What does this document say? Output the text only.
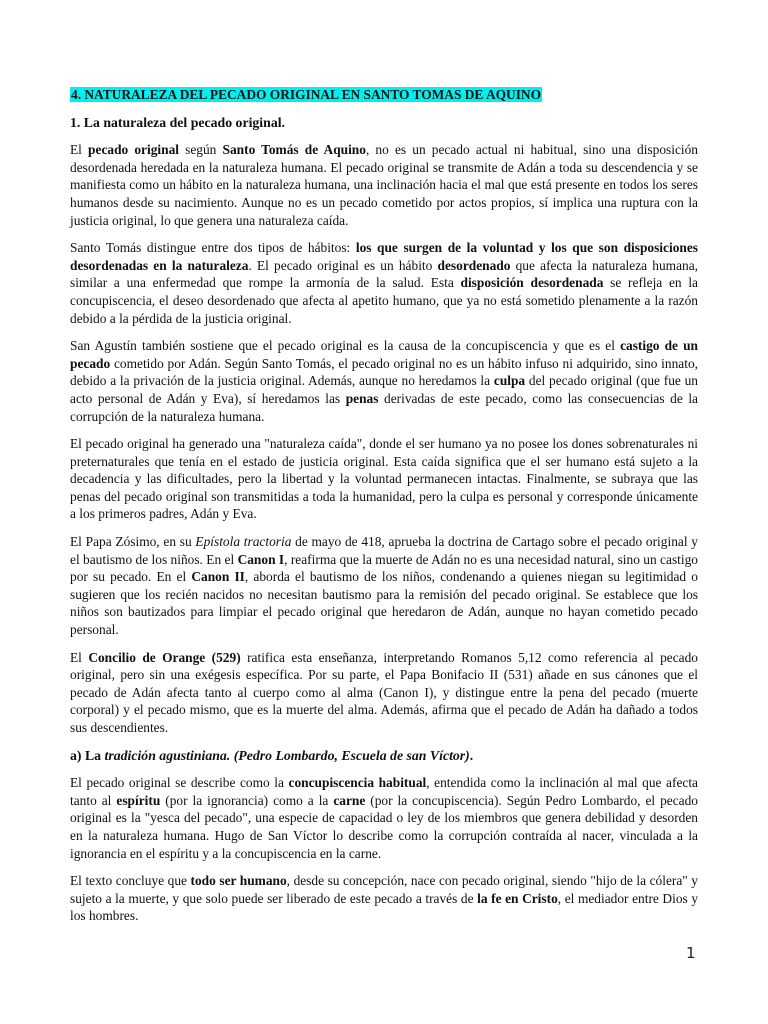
4. NATURALEZA DEL PECADO ORIGINAL EN SANTO TOMAS DE AQUINO
1. La naturaleza del pecado original.

El pecado original según Santo Tomás de Aquino, no es un pecado actual ni habitual, sino una disposición desordenada heredada en la naturaleza humana. El pecado original se transmite de Adán a toda su descendencia y se manifiesta como un hábito en la naturaleza humana, una inclinación hacia el mal que está presente en todos los seres humanos desde su nacimiento. Aunque no es un pecado cometido por actos propios, sí implica una ruptura con la justicia original, lo que genera una naturaleza caída.

Santo Tomás distingue entre dos tipos de hábitos: los que surgen de la voluntad y los que son disposiciones desordenadas en la naturaleza. El pecado original es un hábito desordenado que afecta la naturaleza humana, similar a una enfermedad que rompe la armonía de la salud. Esta disposición desordenada se refleja en la concupiscencia, el deseo desordenado que afecta al apetito humano, que ya no está sometido plenamente a la razón debido a la pérdida de la justicia original.

San Agustín también sostiene que el pecado original es la causa de la concupiscencia y que es el castigo de un pecado cometido por Adán. Según Santo Tomás, el pecado original no es un hábito infuso ni adquirido, sino innato, debido a la privación de la justicia original. Además, aunque no heredamos la culpa del pecado original (que fue un acto personal de Adán y Eva), sí heredamos las penas derivadas de este pecado, como las consecuencias de la corrupción de la naturaleza humana.

El pecado original ha generado una "naturaleza caída", donde el ser humano ya no posee los dones sobrenaturales ni preternaturales que tenía en el estado de justicia original. Esta caída significa que el ser humano está sujeto a la decadencia y las dificultades, pero la libertad y la voluntad permanecen intactas. Finalmente, se subraya que las penas del pecado original son transmitidas a toda la humanidad, pero la culpa es personal y corresponde únicamente a los primeros padres, Adán y Eva.

El Papa Zósimo, en su Epístola tractoria de mayo de 418, aprueba la doctrina de Cartago sobre el pecado original y el bautismo de los niños. En el Canon I, reafirma que la muerte de Adán no es una necesidad natural, sino un castigo por su pecado. En el Canon II, aborda el bautismo de los niños, condenando a quienes niegan su legitimidad o sugieren que los recién nacidos no necesitan bautismo para la remisión del pecado original. Se establece que los niños son bautizados para limpiar el pecado original que heredaron de Adán, aunque no hayan cometido pecado personal.

El Concilio de Orange (529) ratifica esta enseñanza, interpretando Romanos 5,12 como referencia al pecado original, pero sin una exégesis específica. Por su parte, el Papa Bonifacio II (531) añade en sus cánones que el pecado de Adán afecta tanto al cuerpo como al alma (Canon I), y distingue entre la pena del pecado (muerte corporal) y el pecado mismo, que es la muerte del alma. Además, afirma que el pecado de Adán ha dañado a todos sus descendientes.

a) La tradición agustiniana. (Pedro Lombardo, Escuela de san Víctor).

El pecado original se describe como la concupiscencia habitual, entendida como la inclinación al mal que afecta tanto al espíritu (por la ignorancia) como a la carne (por la concupiscencia). Según Pedro Lombardo, el pecado original es la "yesca del pecado", una especie de capacidad o ley de los miembros que genera debilidad y desorden en la naturaleza humana. Hugo de San Víctor lo describe como la corrupción contraída al nacer, vinculada a la ignorancia en el espíritu y a la concupiscencia en la carne.

El texto concluye que todo ser humano, desde su concepción, nace con pecado original, siendo "hijo de la cólera" y sujeto a la muerte, y que solo puede ser liberado de este pecado a través de la fe en Cristo, el mediador entre Dios y los hombres.

1
